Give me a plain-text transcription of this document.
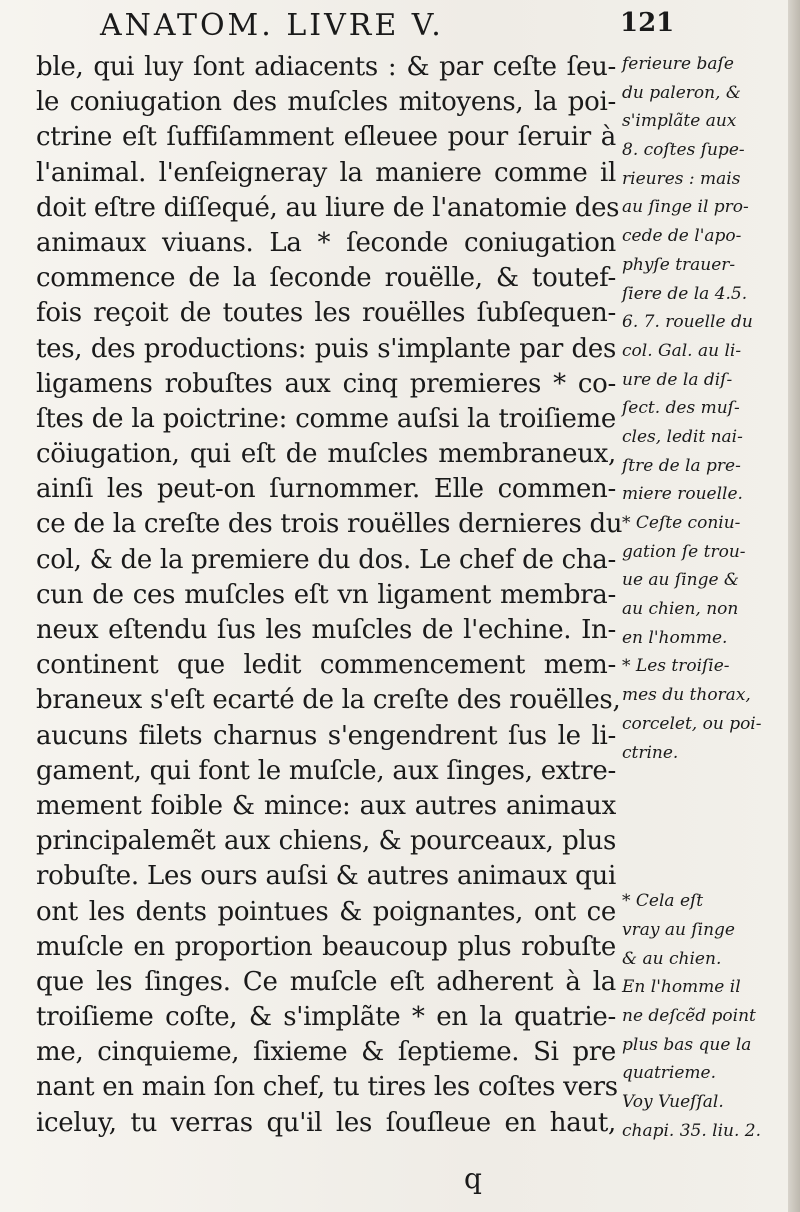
ANATOM. LIVRE V.	121
ble, qui luy ſont adiacents : & par ceſte ſeu-
le coniugation des muſcles mitoyens, la poi-
ctrine eſt ſuffiſamment eſleuee pour ſeruir à
l'animal. l'enſeigneray la maniere comme il
doit eſtre diſſequé, au liure de l'anatomie des
animaux viuans. La * ſeconde coniugation
commence de la ſeconde rouëlle, & toutef-
fois reçoit de toutes les rouëlles ſubſequen-
tes, des productions: puis s'implante par des
ligamens robuſtes aux cinq premieres * co-
ſtes de la poictrine: comme auſsi la troiſieme
cöiugation, qui eſt de muſcles membraneux,
ainſi les peut-on ſurnommer. Elle commen-
ce de la creſte des trois rouëlles dernieres du
col, & de la premiere du dos. Le chef de cha-
cun de ces muſcles eſt vn ligament membra-
neux eſtendu ſus les muſcles de l'echine. In-
continent que ledit commencement mem-
braneux s'eſt ecarté de la creſte des rouëlles,
aucuns filets charnus s'engendrent ſus le li-
gament, qui font le muſcle, aux ſinges, extre-
mement foible & mince: aux autres animaux
principalemẽt aux chiens, & pourceaux, plus
robuſte. Les ours auſsi & autres animaux qui
ont les dents pointues & poignantes, ont ce
muſcle en proportion beaucoup plus robuſte
que les ſinges. Ce muſcle eſt adherent à la
troiſieme coſte, & s'implãte * en la quatrie-
me, cinquieme, ſixieme & ſeptieme. Si pre
nant en main ſon chef, tu tires les coſtes vers
iceluy, tu verras qu'il les ſouſleue en haut,
ferieure baſe
du paleron, &
s'implãte aux
8. coſtes ſupe-
rieures : mais
au ſinge il pro-
cede de l'apo-
phyſe trauer-
ſiere de la 4.5.
6. 7. rouelle du
col. Gal. au li-
ure de la diſ-
ſect. des muſ-
cles, ledit nai-
ſtre de la pre-
miere rouelle.
* Ceſte coniu-
gation ſe trou-
ue au ſinge &
au chien, non
en l'homme.
* Les troiſie-
mes du thorax,
corcelet, ou poi-
ctrine.
* Cela eſt
vray au ſinge
& au chien.
En l'homme il
ne deſcẽd point
plus bas que la
quatrieme.
Voy Vueſſal.
chapi. 35. liu. 2.
q
